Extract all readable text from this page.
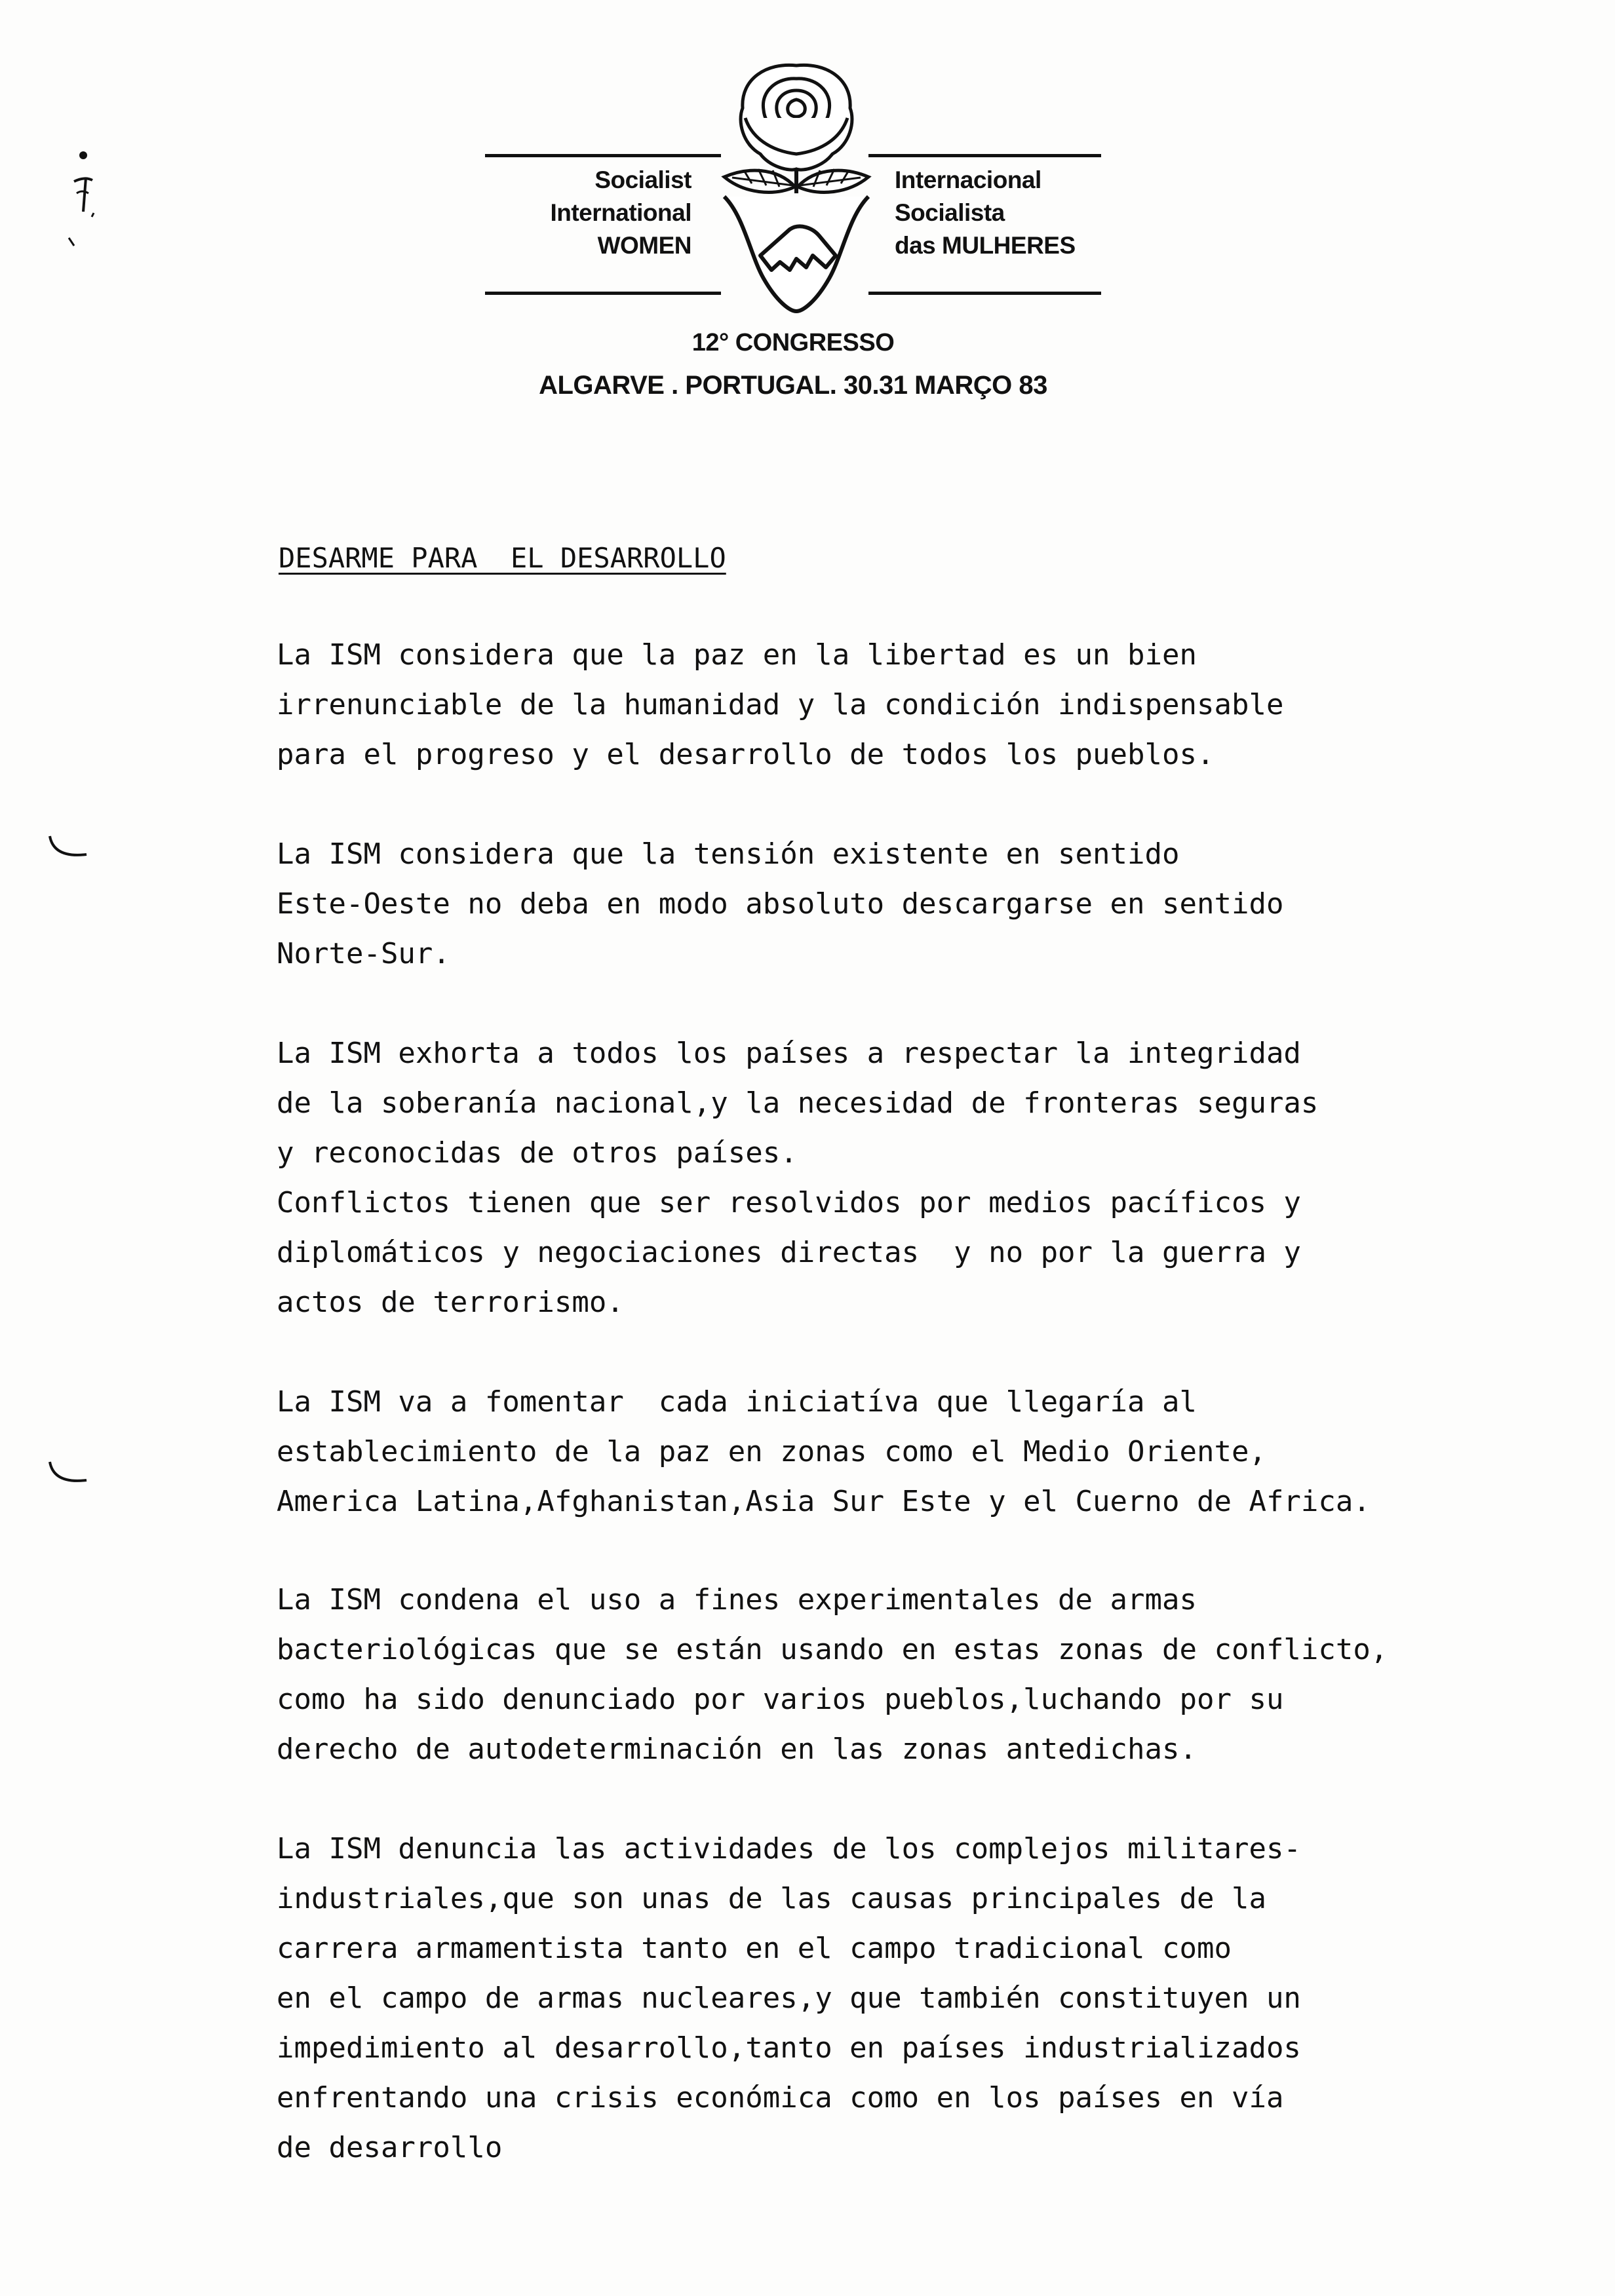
Socialist
International
WOMEN
Internacional
Socialista
das MULHERES
12° CONGRESSO
ALGARVE . PORTUGAL. 30.31 MARÇO 83
DESARME PARA  EL DESARROLLO
La ISM considera que la paz en la libertad es un bien
irrenunciable de la humanidad y la condición indispensable
para el progreso y el desarrollo de todos los pueblos.
La ISM considera que la tensión existente en sentido
Este-Oeste no deba en modo absoluto descargarse en sentido
Norte-Sur.
La ISM exhorta a todos los países a respectar la integridad
de la soberanía nacional,y la necesidad de fronteras seguras
y reconocidas de otros países.
Conflictos tienen que ser resolvidos por medios pacíficos y
diplomáticos y negociaciones directas  y no por la guerra y
actos de terrorismo.
La ISM va a fomentar  cada iniciatíva que llegaría al
establecimiento de la paz en zonas como el Medio Oriente,
America Latina,Afghanistan,Asia Sur Este y el Cuerno de Africa.
La ISM condena el uso a fines experimentales de armas
bacteriológicas que se están usando en estas zonas de conflicto,
como ha sido denunciado por varios pueblos,luchando por su
derecho de autodeterminación en las zonas antedichas.
La ISM denuncia las actividades de los complejos militares-
industriales,que son unas de las causas principales de la
carrera armamentista tanto en el campo tradicional como
en el campo de armas nucleares,y que también constituyen un
impedimiento al desarrollo,tanto en países industrializados
enfrentando una crisis económica como en los países en vía
de desarrollo
